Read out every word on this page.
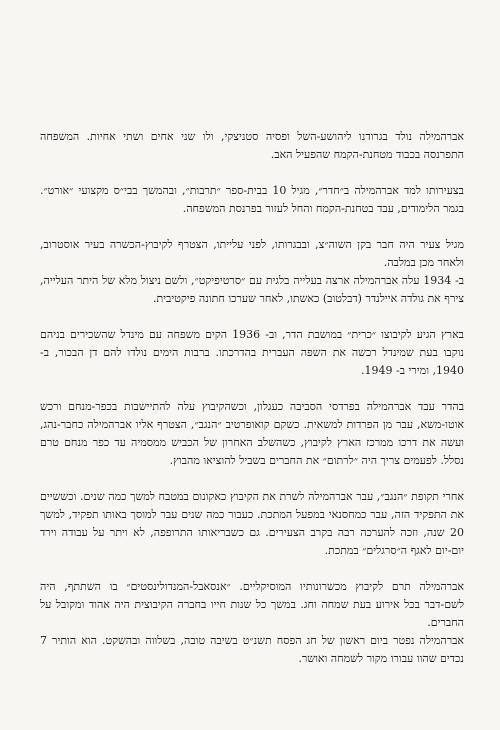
אברהמילה נולד בגרודנו ליהושע-השל ופסיה סטניצקי, ולו שני אחים ושתי אחיות. המשפחה התפרנסה בכבוד מטחנת-הקמח שהפעיל האב.

בצעירותו למד אברהמילה ב״חדר״, מגיל 10 בבית-ספר ״תרבות״, ובהמשך בבי״ס מקצועי ״אורט״. בגמר הלימודים, עבד בטחנת-הקמח והחל לעזור בפרנסת המשפחה.

מגיל צעיר היה חבר בקן השוה״צ, ובבגרותו, לפני עלייתו, הצטרף לקיבוץ-הכשרה בעיר אוסטרוב, ולאחר מכן במלבה.

ב- 1934 עלה אברהמילה ארצה בעלייה בלגית עם ״סרטיפיקט״, ולשם ניצול מלא של היתר העלייה, צירף את גולדה איילנדר (דבלטוב) כאשתו, לאחר שערכו חתונה פיקטיבית.

בארץ הגיע לקיבוצו ״כרית״ במושבת הדר, וב- 1936 הקים משפחה עם מינדל שהשכירים בניהם נוקבו בעת שמינדל רכשה את השפה העברית בהדרכתו. ברבות הימים נולדו להם דן הבכור, ב- 1940, ומירי ב- 1949.

בהדר עבד אברהמילה בפרדסי הסביבה כעגלון, וכשהקיבוץ עלה להתיישבות בכפר-מנחם ורכש אוטו-משא, עבר מן הפרדות למשאית. כשקם קואופרטיב ״הנגב״, הצטרף אליו אברהמילה כחבר-נהג, ועשה את דרכו ממרכז הארץ לקיבוץ, כשהשלב האחרון של הכביש ממסמיה עד כפר מנחם טרם נסלל. לפעמים צריך היה ״לרתום״ את החברים בשביל להוציאו מהבוץ.

אחרי תקופת ״הנגב״, עבר אברהמילה לשרת את הקיבוץ כאקונום במטבח למשך כמה שנים. וכששיים את התפקיד הזה, עבר כמחסנאי במפעל המתכת. כעבור כמה שנים עבר למוסך באותו תפקיד, למשך 20 שנה, וזכה להערכה רבה בקרב הצעירים. גם כשבריאותו התרופפה, לא ויתר על עבודה וירד יום-יום לאגף ה״סרגלים״ במתכת.

אברהמילה תרם לקיבוץ מכשרונותיו המוסיקליים. ״אנסאבל-המנדולינסטים״ בו השתתף, היה לשם-דבר בכל אירוע בעת שמחה וחג. במשך כל שנות חייו בחברה הקיבוצית היה אהוד ומקובל על החברים.

אברהמילה נפטר ביום ראשון של חג הפסח תשנ״ט בשיבה טובה, בשלווה ובהשקט. הוא הותיר 7 נכדים שהוו עבורו מקור לשמחה ואושר.
